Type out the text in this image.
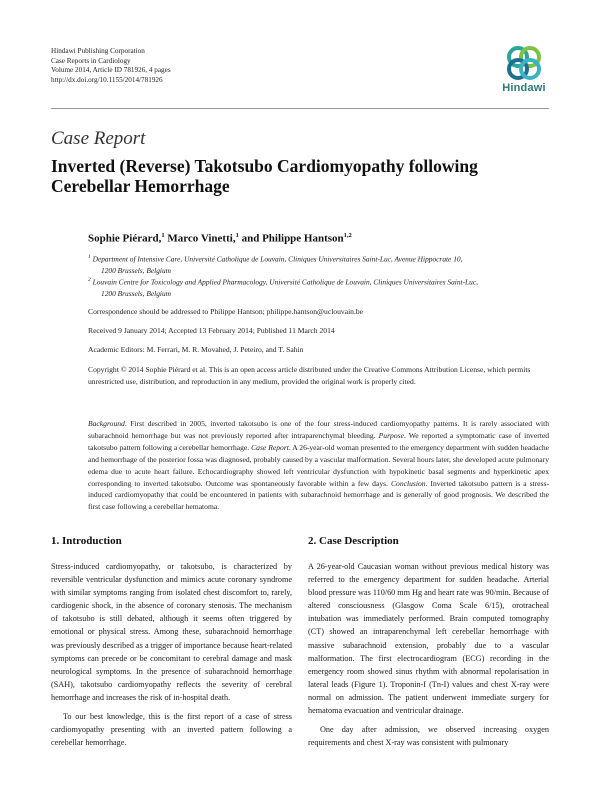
Hindawi Publishing Corporation
Case Reports in Cardiology
Volume 2014, Article ID 781926, 4 pages
http://dx.doi.org/10.1155/2014/781926
Hindawi
Case Report
Inverted (Reverse) Takotsubo Cardiomyopathy following Cerebellar Hemorrhage
Sophie Piérard,$^1$ Marco Vinetti,$^1$ and Philippe Hantson$^{1,2}$
$^1$ Department of Intensive Care, Université Catholique de Louvain, Cliniques Universitaires Saint-Luc, Avenue Hippocrate 10,
1200 Brussels, Belgium
$^2$ Louvain Centre for Toxicology and Applied Pharmacology, Université Catholique de Louvain, Cliniques Universitaires Saint-Luc,
1200 Brussels, Belgium
Correspondence should be addressed to Philippe Hantson; philippe.hantson@uclouvain.be
Received 9 January 2014; Accepted 13 February 2014; Published 11 March 2014
Academic Editors: M. Ferrari, M. R. Movahed, J. Peteiro, and T. Sahin
Copyright © 2014 Sophie Piérard et al. This is an open access article distributed under the Creative Commons Attribution License, which permits unrestricted use, distribution, and reproduction in any medium, provided the original work is properly cited.
Background. First described in 2005, inverted takotsubo is one of the four stress-induced cardiomyopathy patterns. It is rarely associated with subarachnoid hemorrhage but was not previously reported after intraparenchymal bleeding. Purpose. We reported a symptomatic case of inverted takotsubo pattern following a cerebellar hemorrhage. Case Report. A 26-year-old woman presented to the emergency department with sudden headache and hemorrhage of the posterior fossa was diagnosed, probably caused by a vascular malformation. Several hours later, she developed acute pulmonary edema due to acute heart failure. Echocardiography showed left ventricular dysfunction with hypokinetic basal segments and hyperkinetic apex corresponding to inverted takotsubo. Outcome was spontaneously favorable within a few days. Conclusion. Inverted takotsubo pattern is a stress-induced cardiomyopathy that could be encountered in patients with subarachnoid hemorrhage and is generally of good prognosis. We described the first case following a cerebellar hematoma.
1. Introduction	2. Case Description

Stress-induced cardiomyopathy, or takotsubo, is characterized by reversible ventricular dysfunction and mimics acute coronary syndrome with similar symptoms ranging from isolated chest discomfort to, rarely, cardiogenic shock, in the absence of coronary stenosis. The mechanism of takotsubo is still debated, although it seems often triggered by emotional or physical stress. Among these, subarachnoid hemorrhage was previously described as a trigger of importance because heart-related symptoms can precede or be concomitant to cerebral damage and mask neurological symptoms. In the presence of subarachnoid hemorrhage (SAH), takotsubo cardiomyopathy reflects the severity of cerebral hemorrhage and increases the risk of in-hospital death.

To our best knowledge, this is the first report of a case of stress cardiomyopathy presenting with an inverted pattern following a cerebellar hemorrhage.

A 26-year-old Caucasian woman without previous medical history was referred to the emergency department for sudden headache. Arterial blood pressure was 110/60 mm Hg and heart rate was 90/min. Because of altered consciousness (Glasgow Coma Scale 6/15), orotracheal intubation was immediately performed. Brain computed tomography (CT) showed an intraparenchymal left cerebellar hemorrhage with massive subarachnoid extension, probably due to a vascular malformation. The first electrocardiogram (ECG) recording in the emergency room showed sinus rhythm with abnormal repolarisation in lateral leads (Figure 1). Troponin-I (Tn-I) values and chest X-ray were normal on admission. The patient underwent immediate surgery for hematoma evacuation and ventricular drainage.

One day after admission, we observed increasing oxygen requirements and chest X-ray was consistent with pulmonary
